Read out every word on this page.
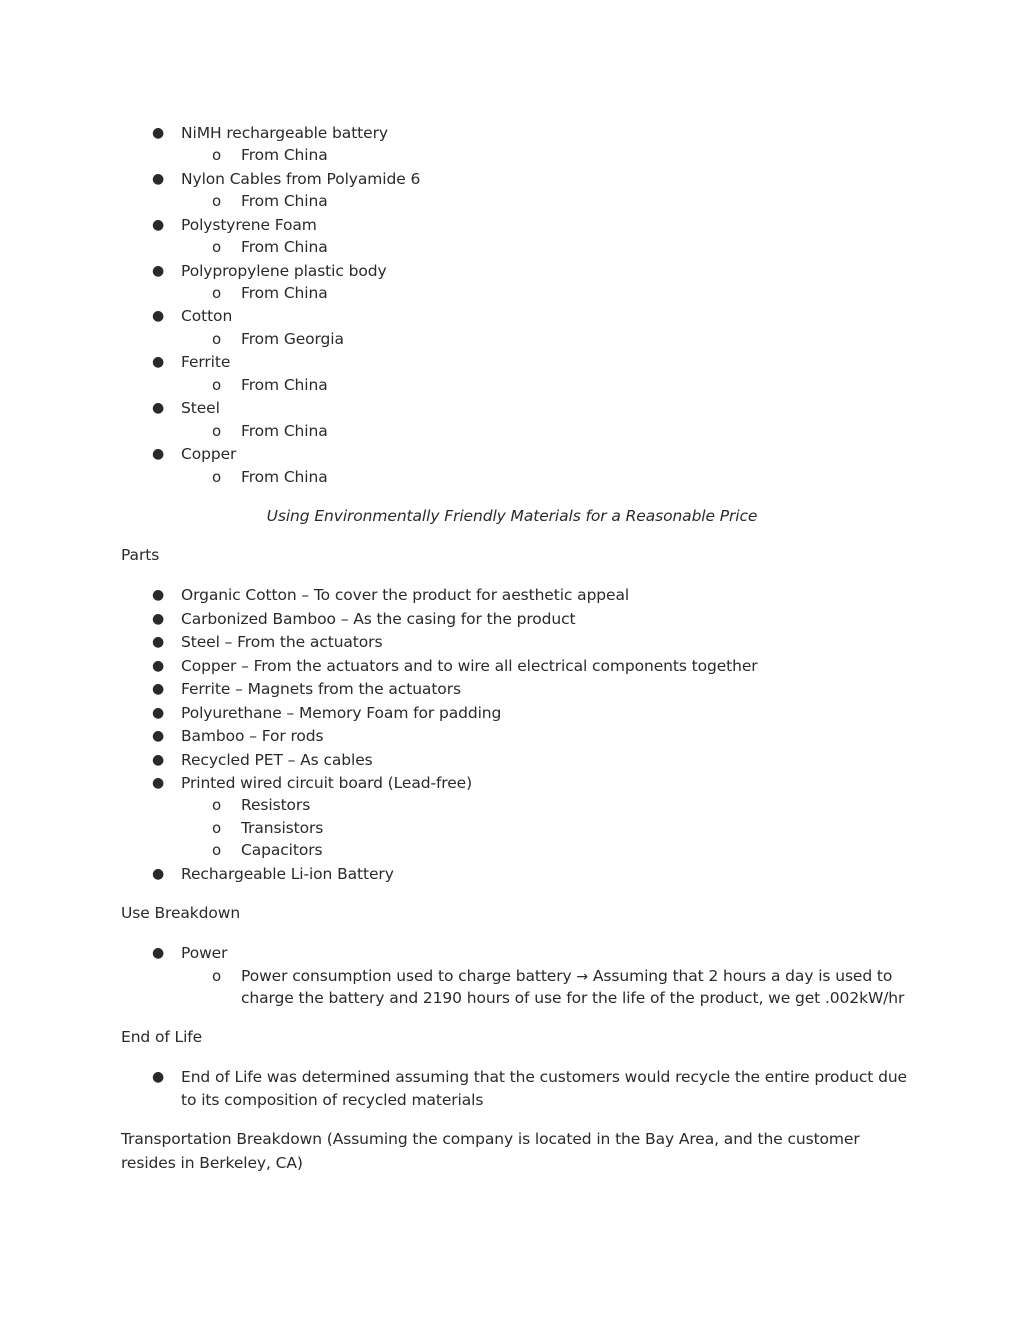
● NiMH rechargeable battery
o From China
● Nylon Cables from Polyamide 6
o From China
● Polystyrene Foam
o From China
● Polypropylene plastic body
o From China
● Cotton
o From Georgia
● Ferrite
o From China
● Steel
o From China
● Copper
o From China
Using Environmentally Friendly Materials for a Reasonable Price
Parts
● Organic Cotton – To cover the product for aesthetic appeal
● Carbonized Bamboo – As the casing for the product
● Steel – From the actuators
● Copper – From the actuators and to wire all electrical components together
● Ferrite – Magnets from the actuators
● Polyurethane – Memory Foam for padding
● Bamboo – For rods
● Recycled PET – As cables
● Printed wired circuit board (Lead-free)
o Resistors
o Transistors
o Capacitors
● Rechargeable Li-ion Battery
Use Breakdown
● Power
o Power consumption used to charge battery → Assuming that 2 hours a day is used to
charge the battery and 2190 hours of use for the life of the product, we get .002kW/hr
End of Life
● End of Life was determined assuming that the customers would recycle the entire product due
to its composition of recycled materials
Transportation Breakdown (Assuming the company is located in the Bay Area, and the customer
resides in Berkeley, CA)
